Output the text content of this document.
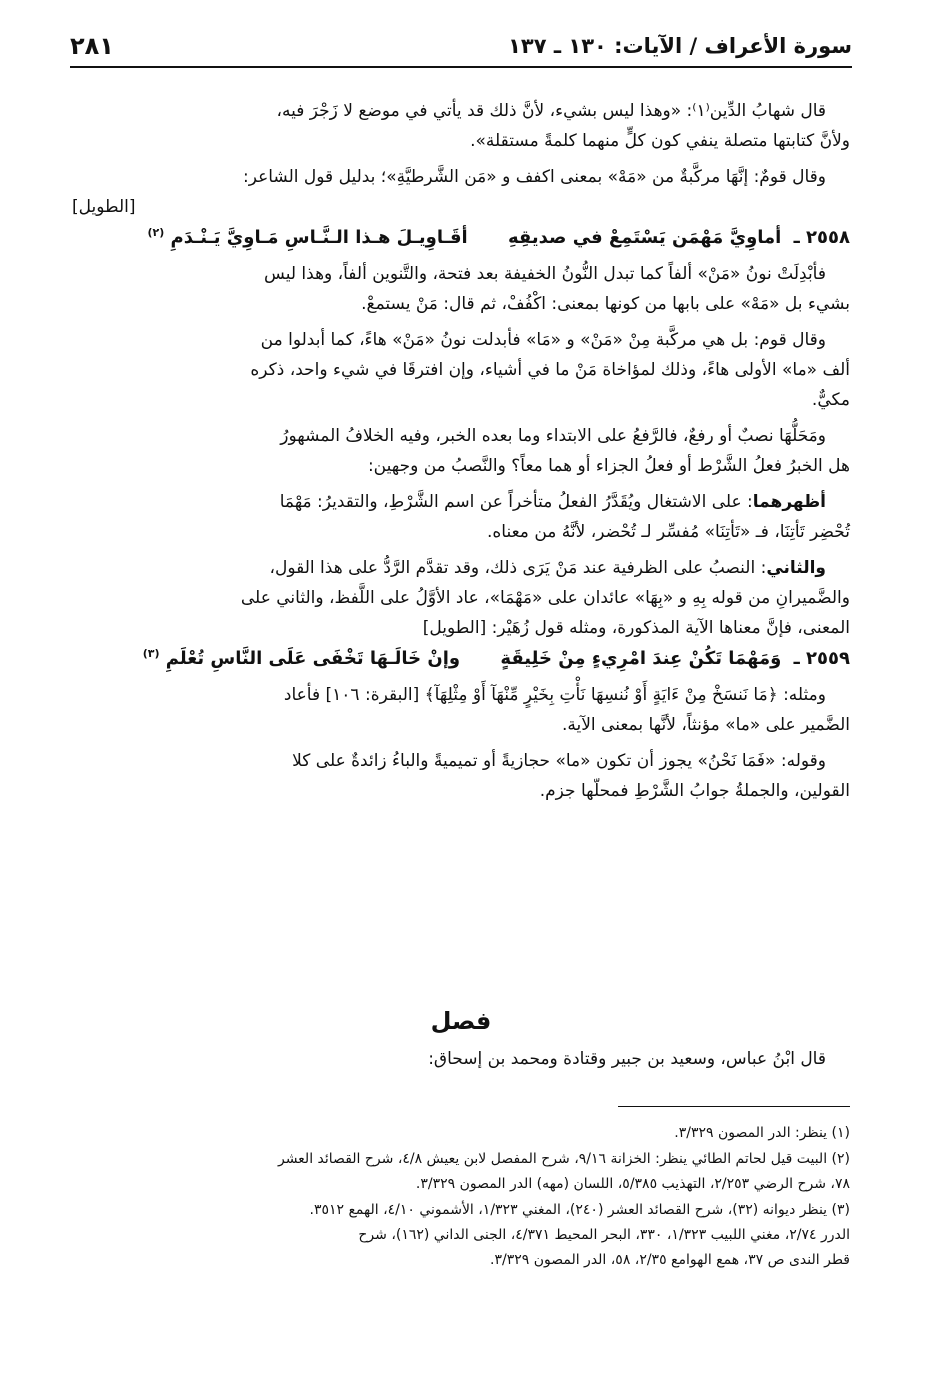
سورة الأعراف / الآيات: ١٣٠ ـ ١٣٧
٢٨١

قال شهابُ الدِّين⁽١⁾: «وهذا ليس بشيء، لأنَّ ذلك قد يأتي في موضع لا زَجْرَ فيه،
ولأنَّ كتابتها متصلة ينفي كون كلٍّ منهما كلمةً مستقلة».

وقال قومٌ: إنَّهَا مركَّبةٌ من «مَهْ» بمعنى اكفف و «مَن الشَّرطيَّةِ»؛ بدليل قول الشاعر:

[الطويل]

٢٥٥٨ ـ أماوِيَّ مَهْمَن يَسْتَمِعْ في صديقِهِ أقَـاوِيـلَ هـذا الـنَّـاسِ مَـاوِيَّ يَـنْـدَمِ $^{(٢)}$

فأبْدِلَتْ نونُ «مَنْ» ألفاً كما تبدل النُّونُ الخفيفة بعد فتحة، والتَّنوين ألفاً، وهذا ليس
بشيء بل «مَهْ» على بابها من كونها بمعنى: اكْفُفْ، ثم قال: مَنْ يستمعْ.

وقال قوم: بل هي مركَّبة مِنْ «مَنْ» و «مَا» فأبدلت نونُ «مَنْ» هاءً، كما أبدلوا من
ألف «ما» الأولى هاءً، وذلك لمؤاخاة مَنْ ما في أشياء، وإن افترقَا في شيء واحد، ذكره
مكيٌّ.

ومَحَلُّهَا نصبٌ أو رفعٌ، فالرَّفعُ على الابتداء وما بعده الخبر، وفيه الخلافُ المشهورُ
هل الخبرُ فعلُ الشَّرْط أو فعلُ الجزاء أو هما معاً؟ والنَّصبُ من وجهين:

أظهرهما: على الاشتغال ويُقَدَّرُ الفعلُ متأخراً عن اسم الشَّرْطِ، والتقديرُ: مَهْمَا
تُحْضِر تَأتِنَا، فـ «تَأتِنَا» مُفسِّر لـ تُحْضر، لأنَّهُ من معناه.

والثاني: النصبُ على الظرفية عند مَنْ يَرَى ذلك، وقد تقدَّم الرَّدُّ على هذا القول،
والضَّميرانِ من قوله بِهِ و «بِهَا» عائدان على «مَهْمَا»، عاد الأوَّلُ على اللَّفظ، والثاني على
المعنى، فإنَّ معناها الآية المذكورة، ومثله قول زُهَيْر: [الطويل]

٢٥٥٩ ـ وَمَهْمَا تَكُنْ عِندَ امْرِيءٍ مِنْ خَلِيقَةٍ وإنْ خَالَـهَا تَخْفَى عَلَى النَّاسِ تُعْلَمِ $^{(٣)}$

ومثله: ﴿مَا نَنسَخْ مِنْ ءَايَةٍ أَوْ نُنسِهَا نَأْتِ بِخَيْرٍ مِّنْهَآ أَوْ مِثْلِهَآ﴾ [البقرة: ١٠٦] فأعاد
الضَّمير على «ما» مؤنثاً، لأنَّها بمعنى الآية.

وقوله: «فَمَا نَحْنُ» يجوز أن تكون «ما» حجازيةً أو تميميةً والباءُ زائدةٌ على كلا
القولين، والجملةُ جوابُ الشَّرْطِ فمحلّها جزم.

فصل
قال ابْنُ عباس، وسعيد بن جبير وقتادة ومحمد بن إسحاق:

(١) ينظر: الدر المصون ٣/٣٢٩.

(٢) البيت قيل لحاتم الطائي ينظر: الخزانة ٩/١٦، شرح المفصل لابن يعيش ٤/٨، شرح القصائد العشر
٧٨، شرح الرضي ٢/٢٥٣، التهذيب ٥/٣٨٥، اللسان (مهه) الدر المصون ٣/٣٢٩.

(٣) ينظر ديوانه (٣٢)، شرح القصائد العشر (٢٤٠)، المغني ١/٣٢٣، الأشموني ٤/١٠، الهمع ٣٥١٢.
الدرر ٢/٧٤، مغني اللبيب ١/٣٢٣، ٣٣٠، البحر المحيط ٤/٣٧١، الجنى الداني (١٦٢)، شرح
قطر الندى ص ٣٧، همع الهوامع ٢/٣٥، ٥٨، الدر المصون ٣/٣٢٩.
